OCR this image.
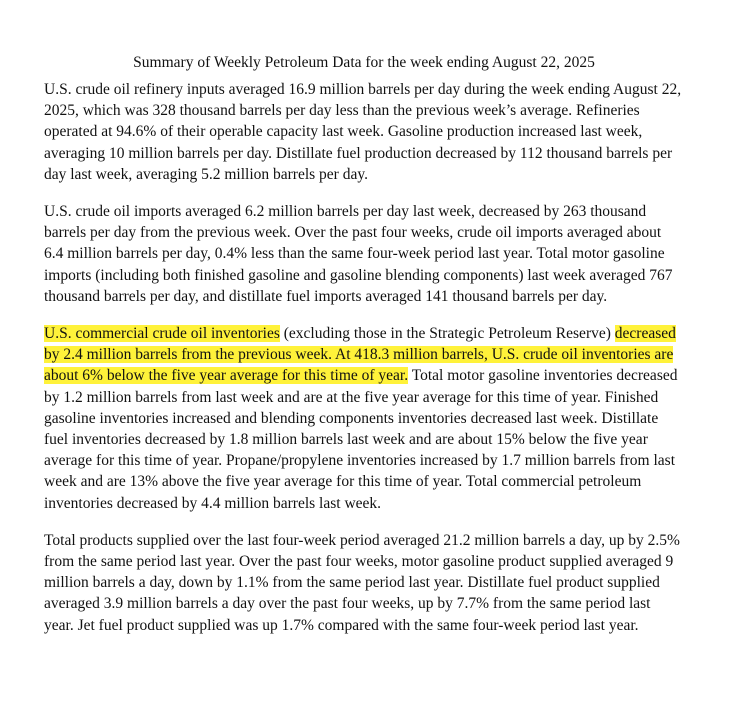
Summary of Weekly Petroleum Data for the week ending August 22, 2025

U.S. crude oil refinery inputs averaged 16.9 million barrels per day during the week ending August 22, 2025, which was 328 thousand barrels per day less than the previous week’s average. Refineries operated at 94.6% of their operable capacity last week. Gasoline production increased last week, averaging 10 million barrels per day. Distillate fuel production decreased by 112 thousand barrels per day last week, averaging 5.2 million barrels per day.

U.S. crude oil imports averaged 6.2 million barrels per day last week, decreased by 263 thousand barrels per day from the previous week. Over the past four weeks, crude oil imports averaged about 6.4 million barrels per day, 0.4% less than the same four-week period last year. Total motor gasoline imports (including both finished gasoline and gasoline blending components) last week averaged 767 thousand barrels per day, and distillate fuel imports averaged 141 thousand barrels per day.

U.S. commercial crude oil inventories (excluding those in the Strategic Petroleum Reserve) decreased by 2.4 million barrels from the previous week. At 418.3 million barrels, U.S. crude oil inventories are about 6% below the five year average for this time of year. Total motor gasoline inventories decreased by 1.2 million barrels from last week and are at the five year average for this time of year. Finished gasoline inventories increased and blending components inventories decreased last week. Distillate fuel inventories decreased by 1.8 million barrels last week and are about 15% below the five year average for this time of year. Propane/propylene inventories increased by 1.7 million barrels from last week and are 13% above the five year average for this time of year. Total commercial petroleum inventories decreased by 4.4 million barrels last week.

Total products supplied over the last four-week period averaged 21.2 million barrels a day, up by 2.5% from the same period last year. Over the past four weeks, motor gasoline product supplied averaged 9 million barrels a day, down by 1.1% from the same period last year. Distillate fuel product supplied averaged 3.9 million barrels a day over the past four weeks, up by 7.7% from the same period last year. Jet fuel product supplied was up 1.7% compared with the same four-week period last year.
